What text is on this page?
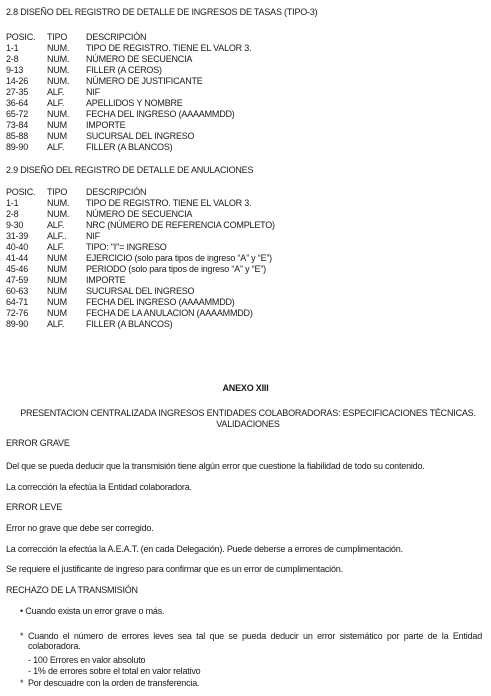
2.8 DISEÑO DEL REGISTRO DE DETALLE DE INGRESOS DE TASAS (TIPO-3)
POSIC. TIPO DESCRIPCIÓN
1-1	NUM. TIPO DE REGISTRO. TIENE EL VALOR 3.
2-8	NUM. NÚMERO DE SECUENCIA
9-13	NUM. FILLER (A CEROS)
14-26 NUM. NÚMERO DE JUSTIFICANTE
27-35 ALF. NIF
36-64 ALF. APELLIDOS Y NOMBRE
65-72 NUM. FECHA DEL INGRESO (AAAAMMDD)
73-84 NUM IMPORTE
85-88 NUM SUCURSAL DEL INGRESO
89-90 ALF. FILLER (A BLANCOS)
2.9 DISEÑO DEL REGISTRO DE DETALLE DE ANULACIONES
POSIC. TIPO DESCRIPCIÓN
1-1	NUM. TIPO DE REGISTRO. TIENE EL VALOR 3.
2-8	NUM. NÚMERO DE SECUENCIA
9-30	ALF. NRC (NÚMERO DE REFERENCIA COMPLETO)
31-39 ALF.. NIF
40-40 ALF. TIPO: "I"= INGRESO
41-44 NUM EJERCICIO (solo para tipos de ingreso “A” y “E”)
45-46 NUM PERIODO (solo para tipos de ingreso “A” y “E”)
47-59 NUM IMPORTE
60-63 NUM SUCURSAL DEL INGRESO
64-71 NUM FECHA DEL INGRESO (AAAAMMDD)
72-76 NUM FECHA DE LA ANULACION (AAAAMMDD)
89-90 ALF. FILLER (A BLANCOS)
ANEXO XIII
PRESENTACION CENTRALIZADA INGRESOS ENTIDADES COLABORADORAS: ESPECIFICACIONES TÉCNICAS. VALIDACIONES
ERROR GRAVE
Del que se pueda deducir que la transmisión tiene algún error que cuestione la fiabilidad de todo su contenido.
La corrección la efectúa la Entidad colaboradora.
ERROR LEVE
Error no grave que debe ser corregido.
La corrección la efectúa la A.E.A.T. (en cada Delegación). Puede deberse a errores de cumplimentación.
Se requiere el justificante de ingreso para confirmar que es un error de cumplimentación.
RECHAZO DE LA TRANSMISIÓN
• Cuando exista un error grave o más.
* Cuando el número de errores leves sea tal que se pueda deducir un error sistemático por parte de la Entidad colaboradora.
- 100 Errores en valor absoluto
- 1% de errores sobre el total en valor relativo
* Por descuadre con la orden de transferencia.
